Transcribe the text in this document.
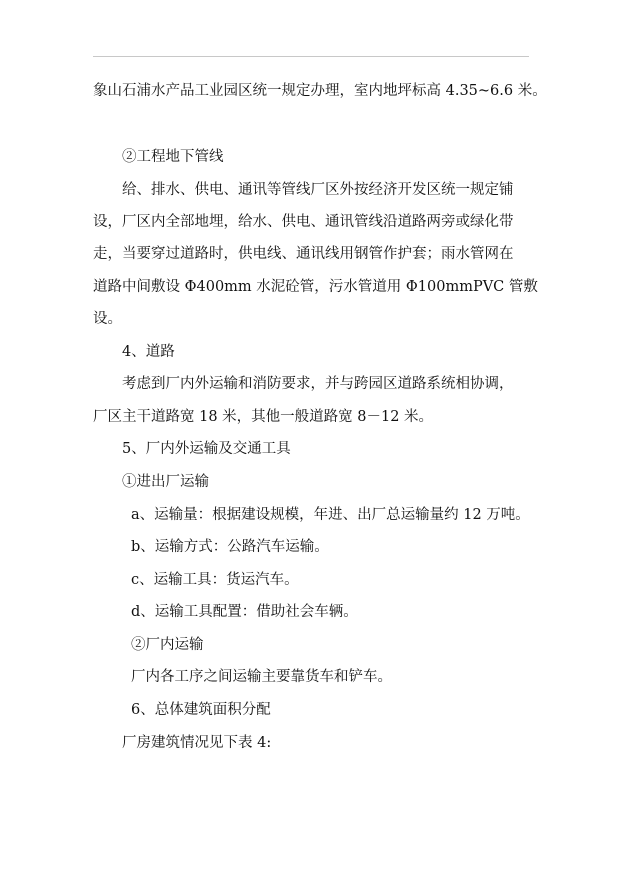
象山石浦水产品工业园区统一规定办理，室内地坪标高 4.35~6.6 米。
②工程地下管线
给、排水、供电、通讯等管线厂区外按经济开发区统一规定铺
设，厂区内全部地埋，给水、供电、通讯管线沿道路两旁或绿化带
走，当要穿过道路时，供电线、通讯线用钢管作护套；雨水管网在
道路中间敷设 Φ400mm 水泥砼管，污水管道用 Φ100mmPVC 管敷
设。
4、道路
考虑到厂内外运输和消防要求，并与跨园区道路系统相协调，
厂区主干道路宽 18 米，其他一般道路宽 8－12 米。
5、厂内外运输及交通工具
①进出厂运输
a、运输量：根据建设规模，年进、出厂总运输量约 12 万吨。
b、运输方式：公路汽车运输。
c、运输工具：货运汽车。
d、运输工具配置：借助社会车辆。
②厂内运输
厂内各工序之间运输主要靠货车和铲车。
6、总体建筑面积分配
厂房建筑情况见下表 4:
